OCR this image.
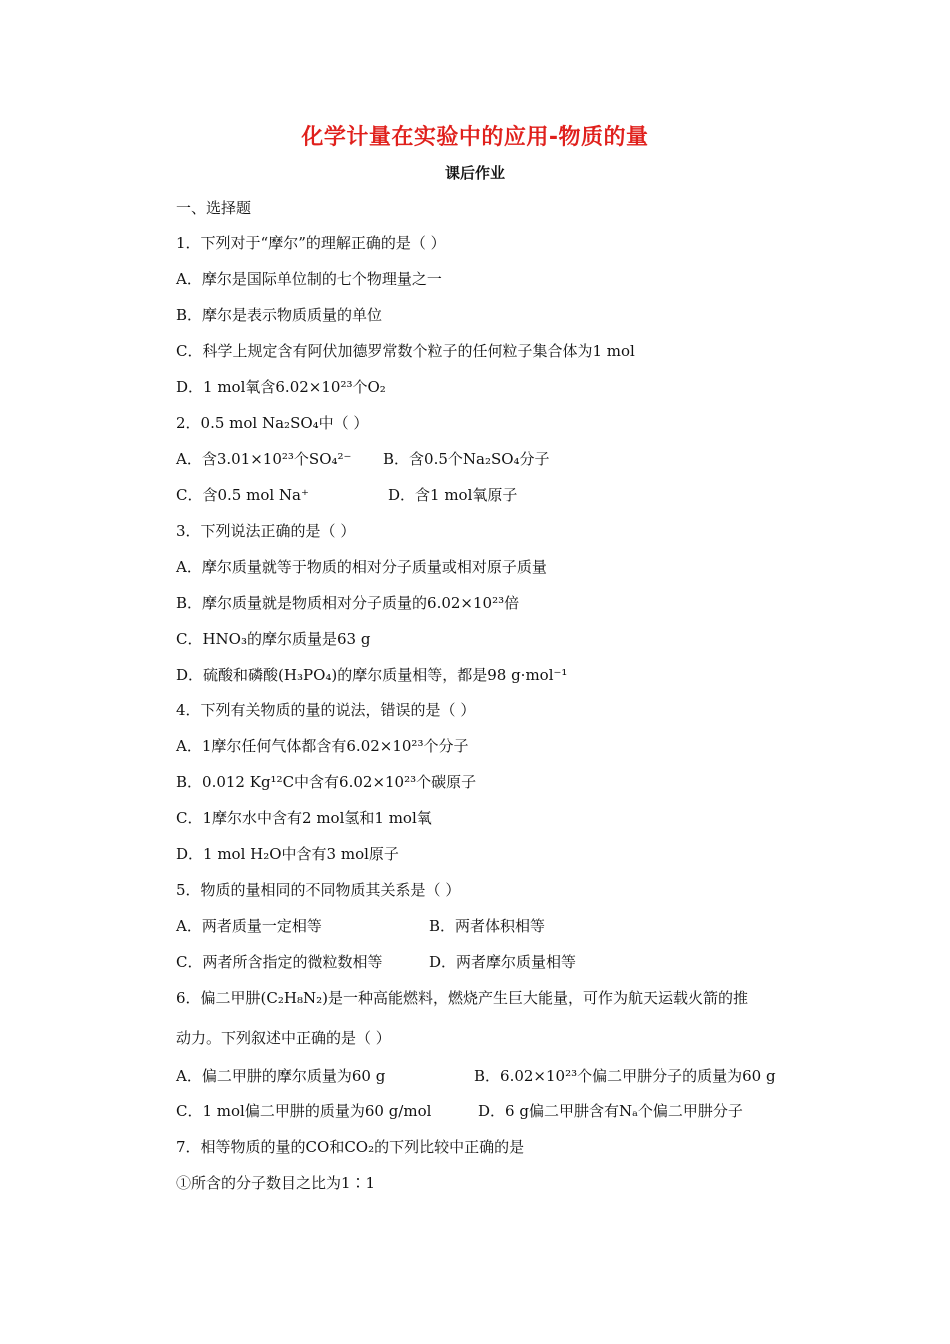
化学计量在实验中的应用-物质的量
课后作业
一、选择题
1．下列对于“摩尔”的理解正确的是（ ）
A．摩尔是国际单位制的七个物理量之一
B．摩尔是表示物质质量的单位
C．科学上规定含有阿伏加德罗常数个粒子的任何粒子集合体为1 mol
D．1 mol氧含6.02×10²³个O₂
2．0.5 mol Na₂SO₄中（ ）
A．含3.01×10²³个SO₄²⁻ B．含0.5个Na₂SO₄分子
C．含0.5 mol Na⁺	D．含1 mol氧原子
3．下列说法正确的是（ ）
A．摩尔质量就等于物质的相对分子质量或相对原子质量
B．摩尔质量就是物质相对分子质量的6.02×10²³倍
C．HNO₃的摩尔质量是63 g
D．硫酸和磷酸(H₃PO₄)的摩尔质量相等，都是98 g·mol⁻¹
4．下列有关物质的量的说法，错误的是（ ）
A．1摩尔任何气体都含有6.02×10²³个分子
B．0.012 Kg¹²C中含有6.02×10²³个碳原子
C．1摩尔水中含有2 mol氢和1 mol氧
D．1 mol H₂O中含有3 mol原子
5．物质的量相同的不同物质其关系是（ ）
A．两者质量一定相等	B．两者体积相等
C．两者所含指定的微粒数相等	D．两者摩尔质量相等
6．偏二甲肼(C₂H₈N₂)是一种高能燃料，燃烧产生巨大能量，可作为航天运载火箭的推
动力。下列叙述中正确的是（ ）
A．偏二甲肼的摩尔质量为60 g	B．6.02×10²³个偏二甲肼分子的质量为60 g
C．1 mol偏二甲肼的质量为60 g/mol	D．6 g偏二甲肼含有Nₐ个偏二甲肼分子
7．相等物质的量的CO和CO₂的下列比较中正确的是
①所含的分子数目之比为1∶1
